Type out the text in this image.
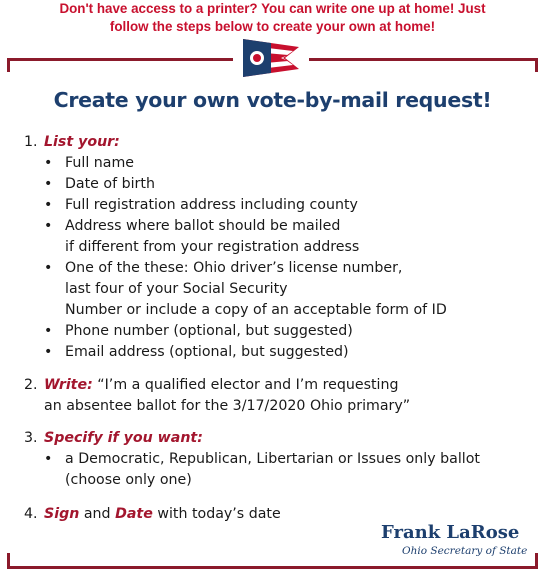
Don't have access to a printer? You can write one up at home! Just
follow the steps below to create your own at home!
Create your own vote-by-mail request!
1. List your:
• Full name
• Date of birth
• Full registration address including county
• Address where ballot should be mailed
if different from your registration address
• One of the these: Ohio driver’s license number,
last four of your Social Security
Number or include a copy of an acceptable form of ID
• Phone number (optional, but suggested)
• Email address (optional, but suggested)
2. Write: “I’m a qualified elector and I’m requesting
an absentee ballot for the 3/17/2020 Ohio primary”
3. Specify if you want:
• a Democratic, Republican, Libertarian or Issues only ballot
(choose only one)
4. Sign and Date with today’s date
Frank LaRose
Ohio Secretary of State
